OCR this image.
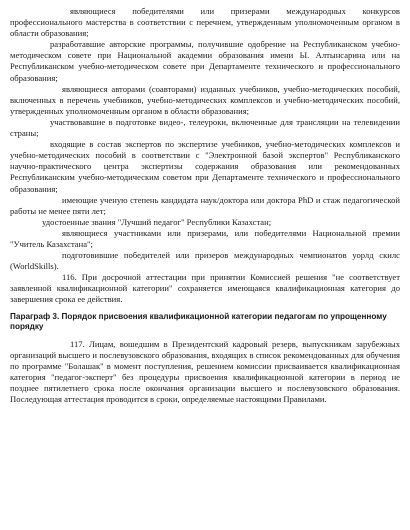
являющиеся победителями или призерами международных конкурсов профессионального мастерства в соответствии с перечнем, утвержденным уполномоченным органом в области образования;

разработавшие авторские программы, получившие одобрение на Республиканском учебно-методическом совете при Национальной академии образования имени Ы. Алтынсарина или на Республиканском учебно-методическом совете при Департаменте технического и профессионального образования;

являющиеся авторами (соавторами) изданных учебников, учебно-методических пособий, включенных в перечень учебников, учебно-методических комплексов и учебно-методических пособий, утвержденных уполномоченным органом в области образования;

участвовавшие в подготовке видео-, телеуроки, включенные для трансляции на телевидении страны;

входящие в состав экспертов по экспертизе учебников, учебно-методических комплексов и учебно-методических пособий в соответствии с "Электронной базой экспертов" Республиканского научно-практического центра экспертизы содержания образования или рекомендованных Республиканским учебно-методическим советом при Департаменте технического и профессионального образования;

имеющие ученую степень кандидата наук/доктора или доктора PhD и стаж педагогической работы не менее пяти лет;

удостоенные звания "Лучший педагог" Республики Казахстан;

являющиеся участниками или призерами, или победителями Национальной премии "Учитель Казахстана";

подготовившие победителей или призеров международных чемпионатов уорлд скилс (WorldSkills).

116. При досрочной аттестации при принятии Комиссией решения "не соответствует заявленной квалификационной категории" сохраняется имеющаяся квалификационная категория до завершения срока ее действия.

Параграф 3. Порядок присвоения квалификационной категории педагогам по упрощенному порядку

117. Лицам, вошедшим в Президентский кадровый резерв, выпускникам зарубежных организаций высшего и послевузовского образования, входящих в список рекомендованных для обучения по программе "Болашак" в момент поступления, решением комиссии присваивается квалификационная категория "педагог-эксперт" без процедуры присвоения квалификационной категории в период не позднее пятилетнего срока после окончания организации высшего и послевузовского образования. Последующая аттестация проводится в сроки, определяемые настоящими Правилами.
